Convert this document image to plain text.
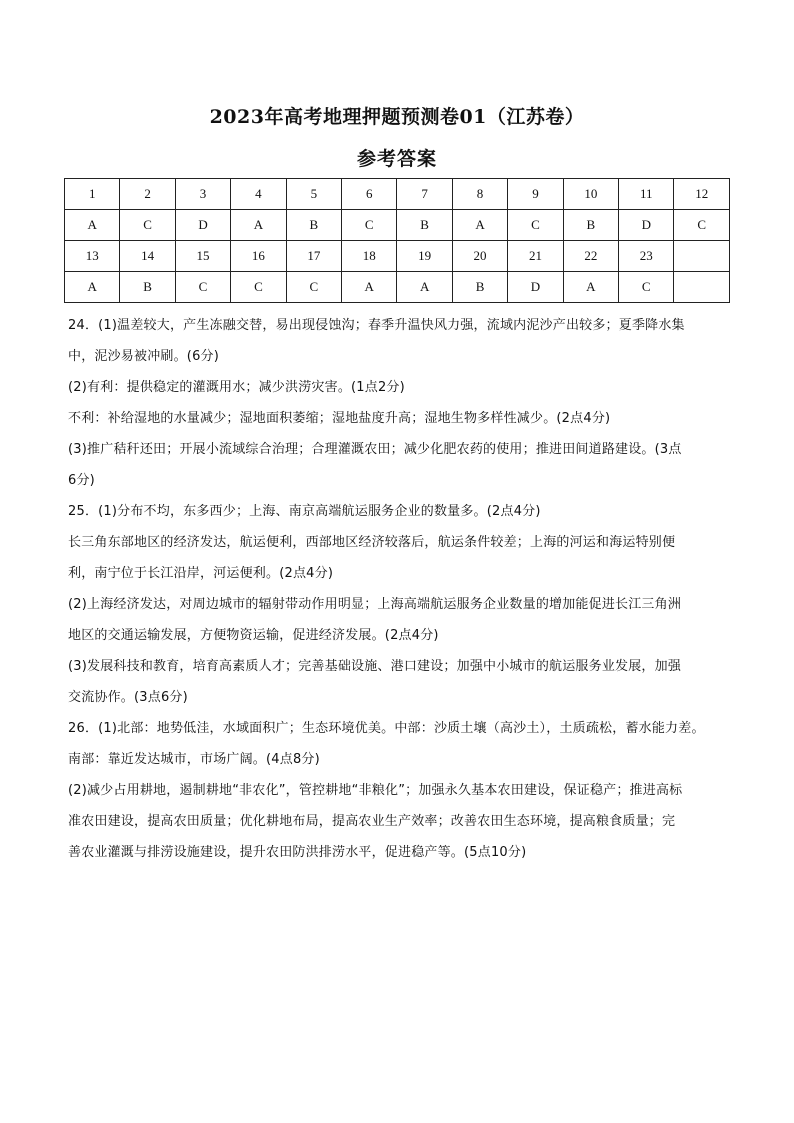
2023年高考地理押题预测卷01（江苏卷）
参考答案
1	2	3	4	5	6	7	8	9	10	11	12
A	C	D	A	B	C	B	A	C	B	D	C
13	14	15	16	17	18	19	20	21	22	23	
A	B	C	C	C	A	A	B	D	A	C	

24．(1)温差较大，产生冻融交替，易出现侵蚀沟；春季升温快风力强，流域内泥沙产出较多；夏季降水集

中，泥沙易被冲刷。(6分)

(2)有利：提供稳定的灌溉用水；减少洪涝灾害。(1点2分)

不利：补给湿地的水量减少；湿地面积萎缩；湿地盐度升高；湿地生物多样性减少。(2点4分)

(3)推广秸秆还田；开展小流域综合治理；合理灌溉农田；减少化肥农药的使用；推进田间道路建设。(3点

6分)

25．(1)分布不均，东多西少；上海、南京高端航运服务企业的数量多。(2点4分)

长三角东部地区的经济发达，航运便利，西部地区经济较落后，航运条件较差；上海的河运和海运特别便

利，南宁位于长江沿岸，河运便利。(2点4分)

(2)上海经济发达，对周边城市的辐射带动作用明显；上海高端航运服务企业数量的增加能促进长江三角洲

地区的交通运输发展，方便物资运输，促进经济发展。(2点4分)

(3)发展科技和教育，培育高素质人才；完善基础设施、港口建设；加强中小城市的航运服务业发展，加强

交流协作。(3点6分)

26．(1)北部：地势低洼，水域面积广；生态环境优美。中部：沙质土壤（高沙土），土质疏松，蓄水能力差。

南部：靠近发达城市，市场广阔。(4点8分)

(2)减少占用耕地，遏制耕地“非农化”，管控耕地“非粮化”；加强永久基本农田建设，保证稳产；推进高标

准农田建设，提高农田质量；优化耕地布局，提高农业生产效率；改善农田生态环境，提高粮食质量；完

善农业灌溉与排涝设施建设，提升农田防洪排涝水平，促进稳产等。(5点10分)
